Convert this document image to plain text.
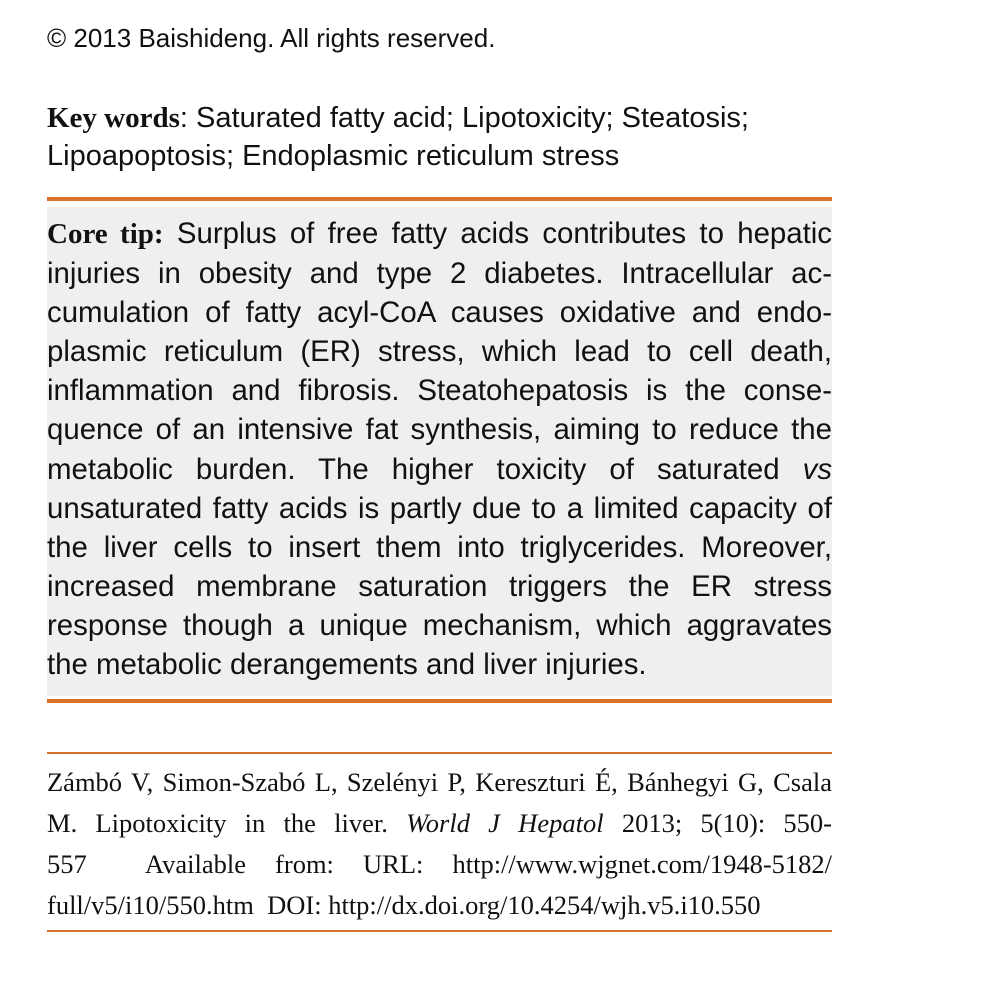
© 2013 Baishideng. All rights reserved.
Key words: Saturated fatty acid; Lipotoxicity; Steatosis; Lipoapoptosis; Endoplasmic reticulum stress
Core tip: Surplus of free fatty acids contributes to hepatic injuries in obesity and type 2 diabetes. Intracellular accumulation of fatty acyl-CoA causes oxidative and endoplasmic reticulum (ER) stress, which lead to cell death, inflammation and fibrosis. Steatohepatosis is the consequence of an intensive fat synthesis, aiming to reduce the metabolic burden. The higher toxicity of saturated vs unsaturated fatty acids is partly due to a limited capacity of the liver cells to insert them into triglycerides. Moreover, increased membrane saturation triggers the ER stress response though a unique mechanism, which aggravates the metabolic derangements and liver injuries.
Zámbó V, Simon-Szabó L, Szelényi P, Kereszturi É, Bánhegyi G, Csala M. Lipotoxicity in the liver. World J Hepatol 2013; 5(10): 550-557 Available from: URL: http://www.wjgnet.com/1948-5182/ full/v5/i10/550.htm DOI: http://dx.doi.org/10.4254/wjh.v5.i10.550
